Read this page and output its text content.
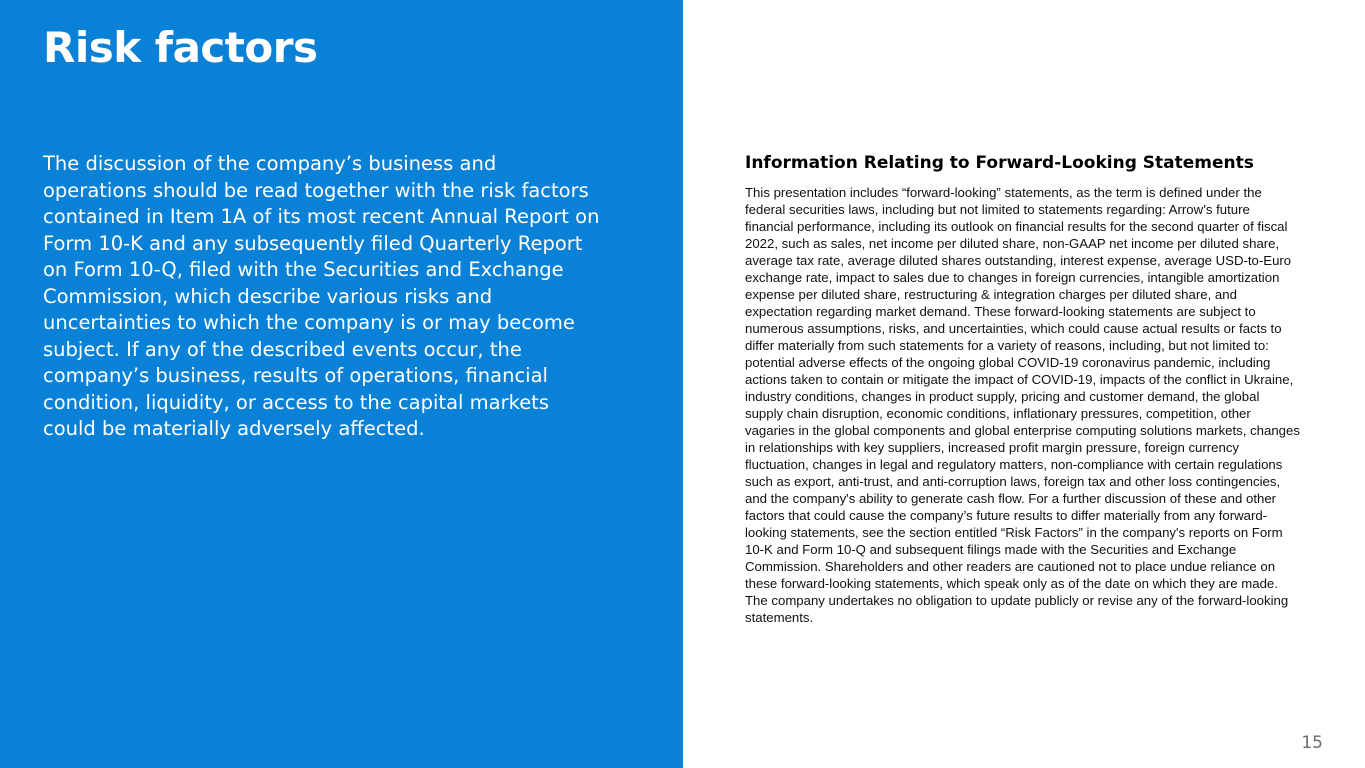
Risk factors

The discussion of the company’s business and operations should be read together with the risk factors contained in Item 1A of its most recent Annual Report on Form 10-K and any subsequently filed Quarterly Report on Form 10-Q, filed with the Securities and Exchange Commission, which describe various risks and uncertainties to which the company is or may become subject. If any of the described events occur, the company’s business, results of operations, financial condition, liquidity, or access to the capital markets could be materially adversely affected.

Information Relating to Forward-Looking Statements

This presentation includes “forward-looking” statements, as the term is defined under the federal securities laws, including but not limited to statements regarding: Arrow’s future financial performance, including its outlook on financial results for the second quarter of fiscal 2022, such as sales, net income per diluted share, non-GAAP net income per diluted share, average tax rate, average diluted shares outstanding, interest expense, average USD-to-Euro exchange rate, impact to sales due to changes in foreign currencies, intangible amortization expense per diluted share, restructuring & integration charges per diluted share, and expectation regarding market demand. These forward-looking statements are subject to numerous assumptions, risks, and uncertainties, which could cause actual results or facts to differ materially from such statements for a variety of reasons, including, but not limited to: potential adverse effects of the ongoing global COVID-19 coronavirus pandemic, including actions taken to contain or mitigate the impact of COVID-19, impacts of the conflict in Ukraine, industry conditions, changes in product supply, pricing and customer demand, the global supply chain disruption, economic conditions, inflationary pressures, competition, other vagaries in the global components and global enterprise computing solutions markets, changes in relationships with key suppliers, increased profit margin pressure, foreign currency fluctuation, changes in legal and regulatory matters, non-compliance with certain regulations such as export, anti-trust, and anti-corruption laws, foreign tax and other loss contingencies, and the company's ability to generate cash flow. For a further discussion of these and other factors that could cause the company’s future results to differ materially from any forward-looking statements, see the section entitled “Risk Factors” in the company's reports on Form 10-K and Form 10-Q and subsequent filings made with the Securities and Exchange Commission. Shareholders and other readers are cautioned not to place undue reliance on these forward-looking statements, which speak only as of the date on which they are made. The company undertakes no obligation to update publicly or revise any of the forward-looking statements.

15
